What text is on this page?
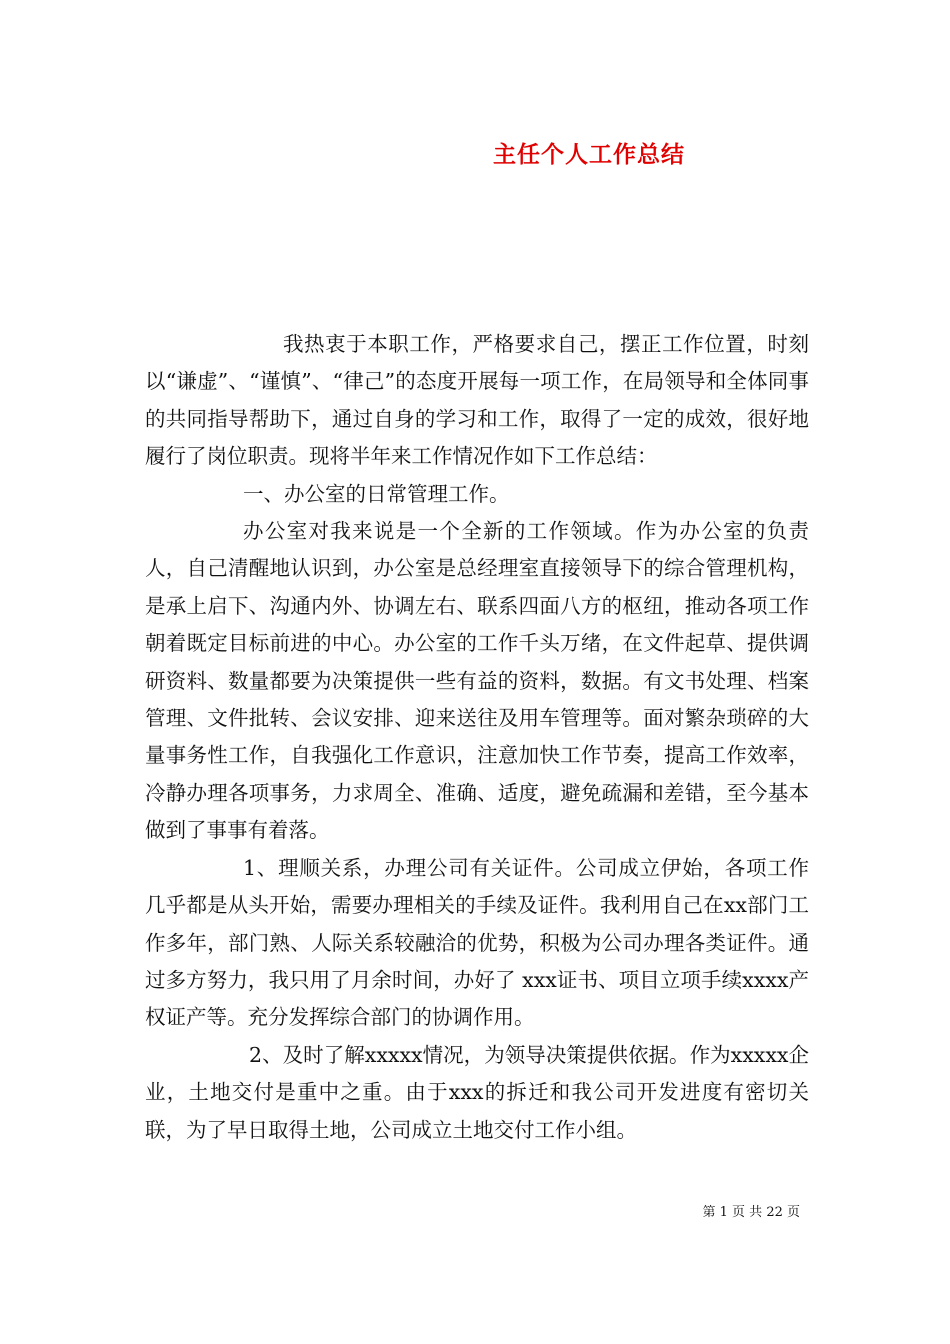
主任个人工作总结

我热衷于本职工作，严格要求自己，摆正工作位置，时刻以“谦虚”、“谨慎”、“律己”的态度开展每一项工作，在局领导和全体同事的共同指导帮助下，通过自身的学习和工作，取得了一定的成效，很好地履行了岗位职责。现将半年来工作情况作如下工作总结：

一、办公室的日常管理工作。

办公室对我来说是一个全新的工作领域。作为办公室的负责人，自己清醒地认识到，办公室是总经理室直接领导下的综合管理机构，是承上启下、沟通内外、协调左右、联系四面八方的枢纽，推动各项工作朝着既定目标前进的中心。办公室的工作千头万绪，在文件起草、提供调研资料、数量都要为决策提供一些有益的资料，数据。有文书处理、档案管理、文件批转、会议安排、迎来送往及用车管理等。面对繁杂琐碎的大量事务性工作，自我强化工作意识，注意加快工作节奏，提高工作效率，冷静办理各项事务，力求周全、准确、适度，避免疏漏和差错，至今基本做到了事事有着落。

1、理顺关系，办理公司有关证件。公司成立伊始，各项工作几乎都是从头开始，需要办理相关的手续及证件。我利用自己在xx部门工作多年，部门熟、人际关系较融洽的优势，积极为公司办理各类证件。通过多方努力，我只用了月余时间，办好了 xxx证书、项目立项手续xxxx产权证产等。充分发挥综合部门的协调作用。

2、及时了解xxxxx情况，为领导决策提供依据。作为xxxxx企业，土地交付是重中之重。由于xxx的拆迁和我公司开发进度有密切关联，为了早日取得土地，公司成立土地交付工作小组。

第 1 页 共 22 页
